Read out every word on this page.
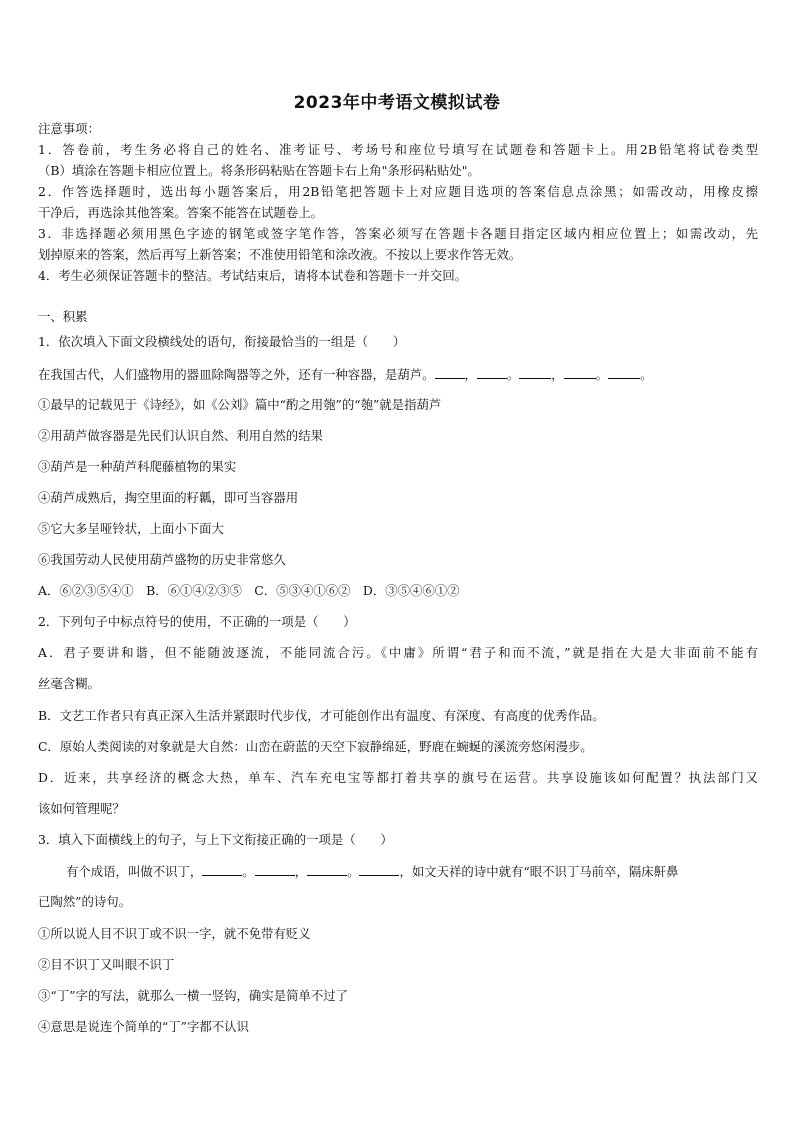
2023年中考语文模拟试卷
注意事项：
1．答卷前，考生务必将自己的姓名、准考证号、考场号和座位号填写在试题卷和答题卡上。用2B铅笔将试卷类型
（B）填涂在答题卡相应位置上。将条形码粘贴在答题卡右上角"条形码粘贴处"。
2．作答选择题时，选出每小题答案后，用2B铅笔把答题卡上对应题目选项的答案信息点涂黑；如需改动，用橡皮擦
干净后，再选涂其他答案。答案不能答在试题卷上。
3．非选择题必须用黑色字迹的钢笔或签字笔作答，答案必须写在答题卡各题目指定区域内相应位置上；如需改动，先
划掉原来的答案，然后再写上新答案；不准使用铅笔和涂改液。不按以上要求作答无效。
4．考生必须保证答题卡的整洁。考试结束后，请将本试卷和答题卡一并交回。
一、积累
1．依次填入下面文段横线处的语句，衔接最恰当的一组是（　　）
在我国古代，人们盛物用的器皿除陶器等之外，还有一种容器，是葫芦。 ， 。	，	。	。
①最早的记载见于《诗经》，如《公刘》篇中“酌之用匏”的“匏”就是指葫芦
②用葫芦做容器是先民们认识自然、利用自然的结果
③葫芦是一种葫芦科爬藤植物的果实
④葫芦成熟后，掏空里面的籽瓤，即可当容器用
⑤它大多呈哑铃状，上面小下面大
⑥我国劳动人民使用葫芦盛物的历史非常悠久
A．⑥②③⑤④①　B．⑥①④②③⑤　C．⑤③④①⑥②　D．③⑤④⑥①②
2．下列句子中标点符号的使用，不正确的一项是（　　）
A．君子要讲和谐，但不能随波逐流，不能同流合污。《中庸》所谓“君子和而不流，”就是指在大是大非面前不能有
丝毫含糊。
B．文艺工作者只有真正深入生活并紧跟时代步伐，才可能创作出有温度、有深度、有高度的优秀作品。
C．原始人类阅读的对象就是大自然：山峦在蔚蓝的天空下寂静绵延，野鹿在蜿蜒的溪流旁悠闲漫步。
D．近来，共享经济的概念大热，单车、汽车充电宝等都打着共享的旗号在运营。共享设施该如何配置？执法部门又
该如何管理呢？
3．填入下面横线上的句子，与上下文衔接正确的一项是（　　）
有个成语，叫做不识丁，	。	，	。	，如文天祥的诗中就有“眼不识丁马前卒，隔床鼾鼻
已陶然”的诗句。
①所以说人目不识丁或不识一字，就不免带有贬义
②目不识丁又叫眼不识丁
③“丁”字的写法，就那么一横一竖钩，确实是简单不过了
④意思是说连个简单的“丁”字都不认识
